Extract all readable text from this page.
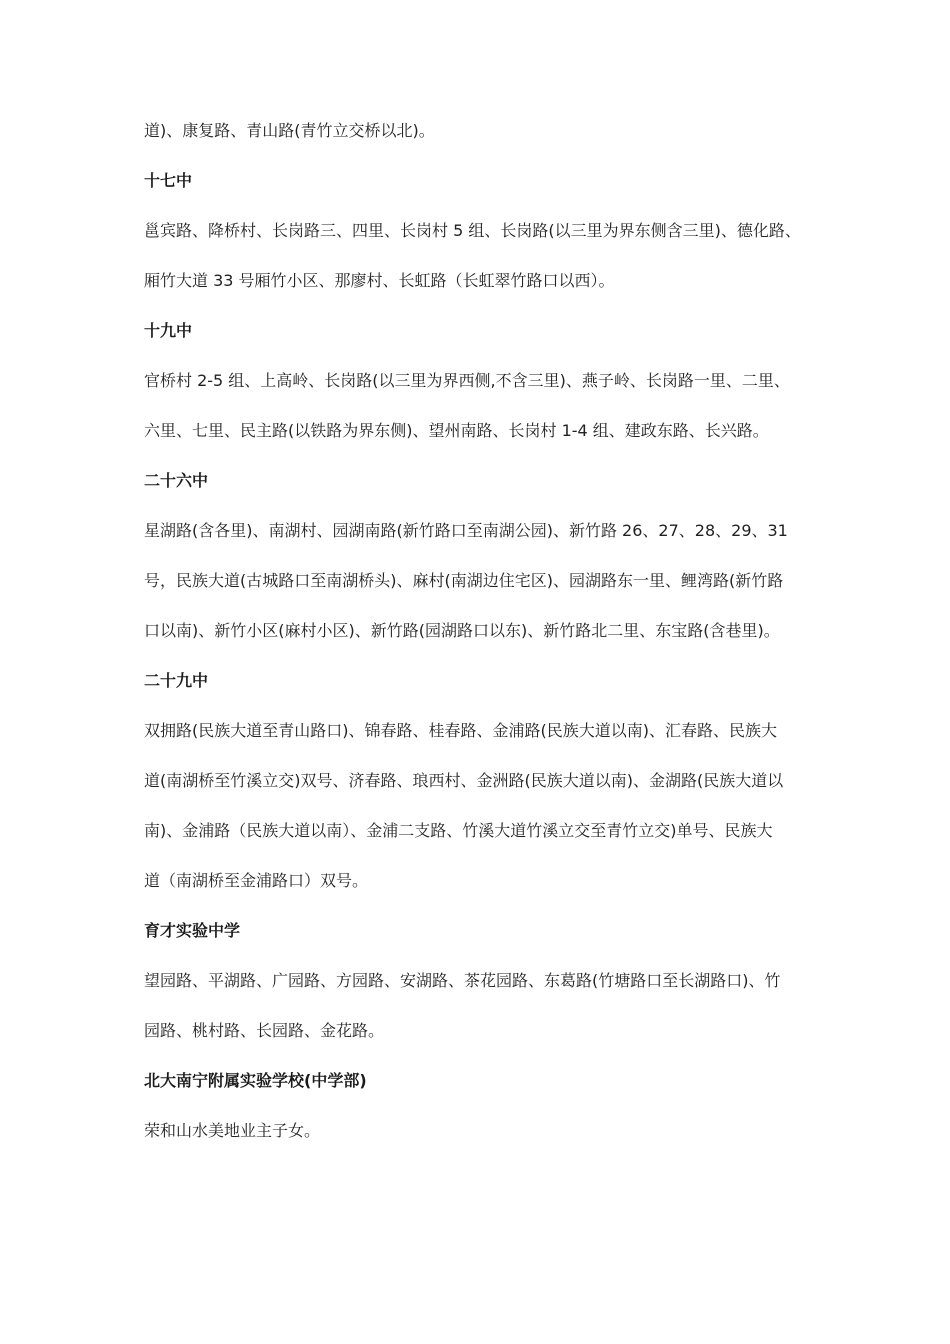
道)、康复路、青山路(青竹立交桥以北)。
十七中
邕宾路、降桥村、长岗路三、四里、长岗村 5 组、长岗路(以三里为界东侧含三里)、德化路、
厢竹大道 33 号厢竹小区、那廖村、长虹路（长虹翠竹路口以西）。
十九中
官桥村 2-5 组、上高岭、长岗路(以三里为界西侧,不含三里)、燕子岭、长岗路一里、二里、
六里、七里、民主路(以铁路为界东侧)、望州南路、长岗村 1-4 组、建政东路、长兴路。
二十六中
星湖路(含各里)、南湖村、园湖南路(新竹路口至南湖公园)、新竹路 26、27、28、29、31
号，民族大道(古城路口至南湖桥头)、麻村(南湖边住宅区)、园湖路东一里、鲤湾路(新竹路
口以南)、新竹小区(麻村小区)、新竹路(园湖路口以东)、新竹路北二里、东宝路(含巷里)。
二十九中
双拥路(民族大道至青山路口)、锦春路、桂春路、金浦路(民族大道以南)、汇春路、民族大
道(南湖桥至竹溪立交)双号、济春路、琅西村、金洲路(民族大道以南)、金湖路(民族大道以
南)、金浦路（民族大道以南）、金浦二支路、竹溪大道竹溪立交至青竹立交)单号、民族大
道（南湖桥至金浦路口）双号。
育才实验中学
望园路、平湖路、广园路、方园路、安湖路、茶花园路、东葛路(竹塘路口至长湖路口)、竹
园路、桃村路、长园路、金花路。
北大南宁附属实验学校(中学部)
荣和山水美地业主子女。
